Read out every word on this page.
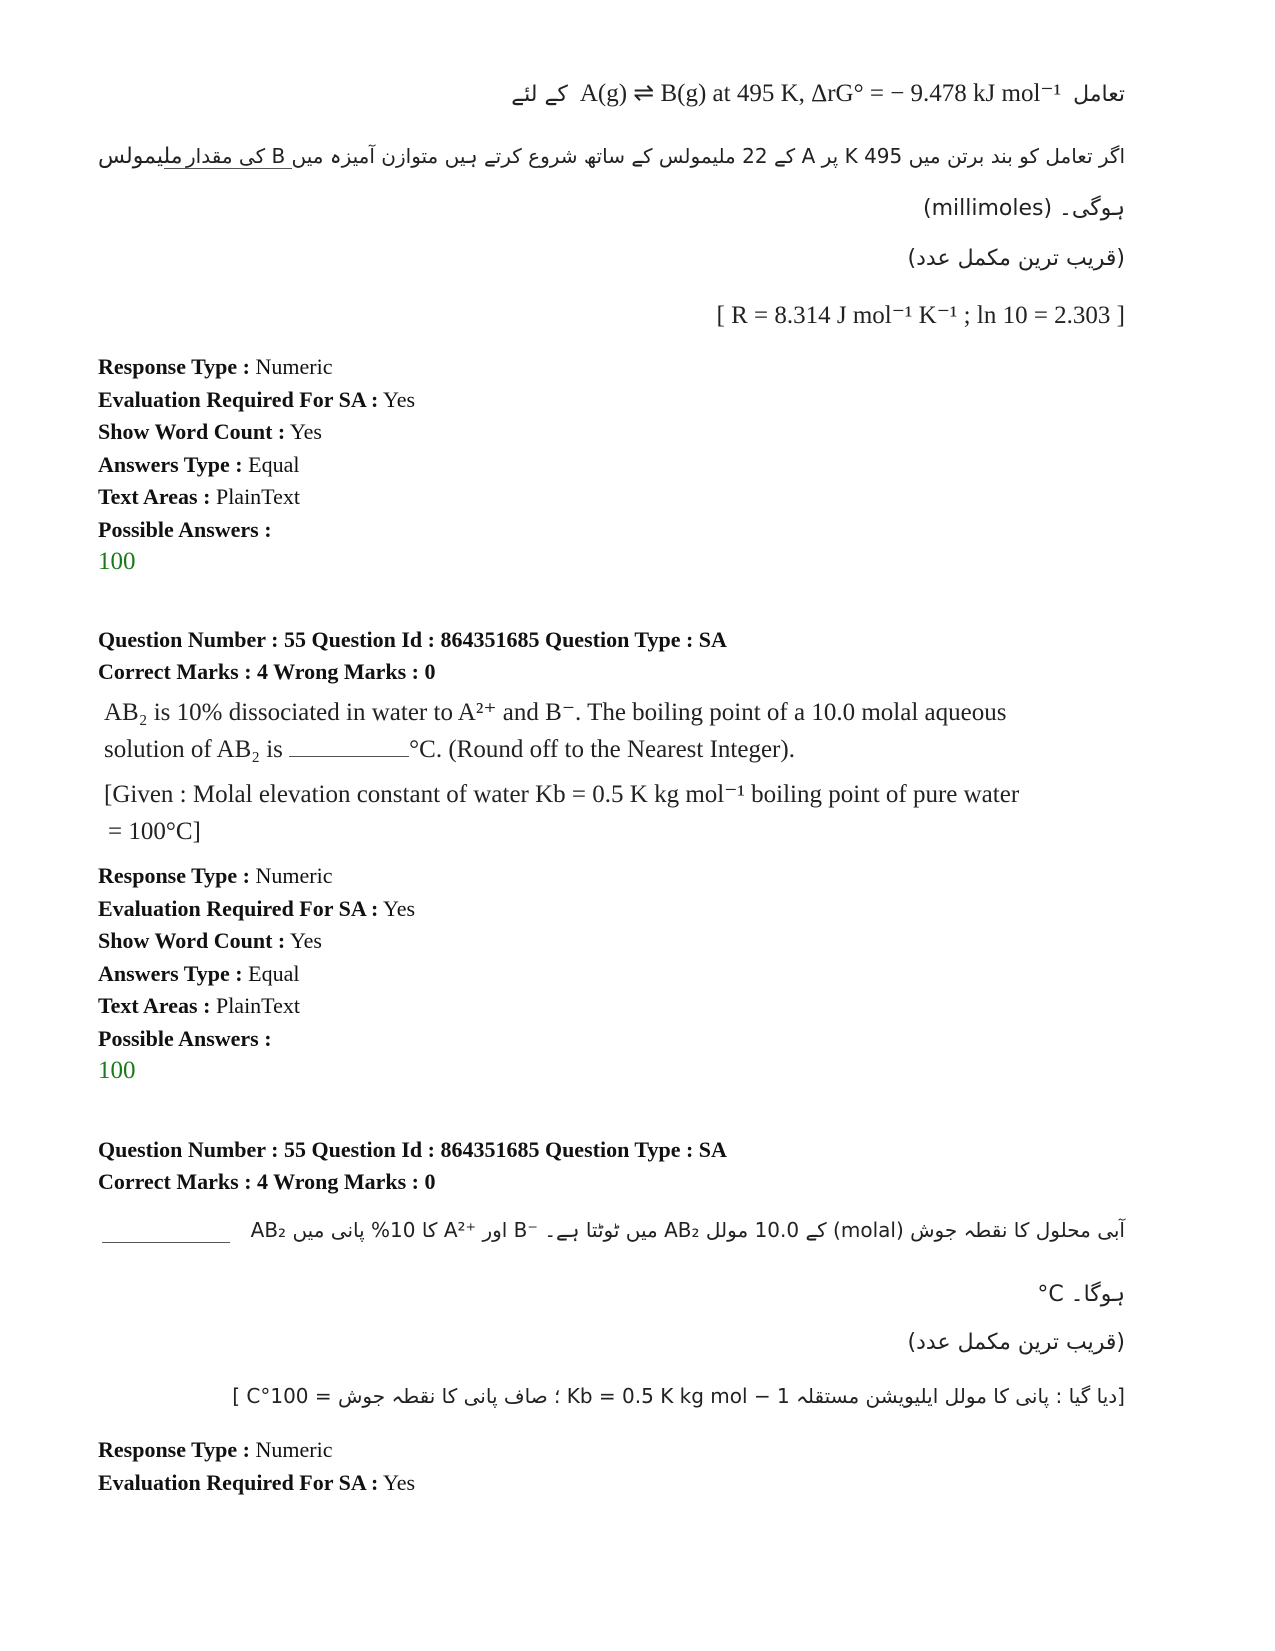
کے لئے A(g) ⇌ B(g) at 495 K, ΔrG° = − 9.478 kJ mol⁻¹ تعامل
ملیمولس اگر تعامل کو بند برتن میں 495 K پر A کے 22 ملیمولس کے ساتھ شروع کرتے ہیں متوازن آمیزہ میں B کی مقدار
(millimoles) ہوگی۔
(قریب ترین مکمل عدد)
[ R = 8.314 J mol⁻¹ K⁻¹ ; ln 10 = 2.303 ]
Response Type : Numeric
Evaluation Required For SA : Yes
Show Word Count : Yes
Answers Type : Equal
Text Areas : PlainText
Possible Answers :
100
Question Number : 55 Question Id : 864351685 Question Type : SA
Correct Marks : 4 Wrong Marks : 0
AB₂ is 10% dissociated in water to A²⁺ and B⁻. The boiling point of a 10.0 molal aqueous
solution of AB₂ is	°C. (Round off to the Nearest Integer).
[Given : Molal elevation constant of water Kb = 0.5 K kg mol⁻¹ boiling point of pure water
= 100°C]
Response Type : Numeric
Evaluation Required For SA : Yes
Show Word Count : Yes
Answers Type : Equal
Text Areas : PlainText
Possible Answers :
100
Question Number : 55 Question Id : 864351685 Question Type : SA
Correct Marks : 4 Wrong Marks : 0
AB₂ کا 10% پانی میں A²⁺ اور B⁻ میں ٹوٹتا ہے۔ AB₂ کے 10.0 مولل (molal) آبی محلول کا نقطہ جوش
°C ہوگا۔
(قریب ترین مکمل عدد)
[دیا گیا : پانی کا مولل ایلیویشن مستقلہ Kb = 0.5 K kg mol − 1 ؛ صاف پانی کا نقطہ جوش = 100°C ]
Response Type : Numeric
Evaluation Required For SA : Yes
